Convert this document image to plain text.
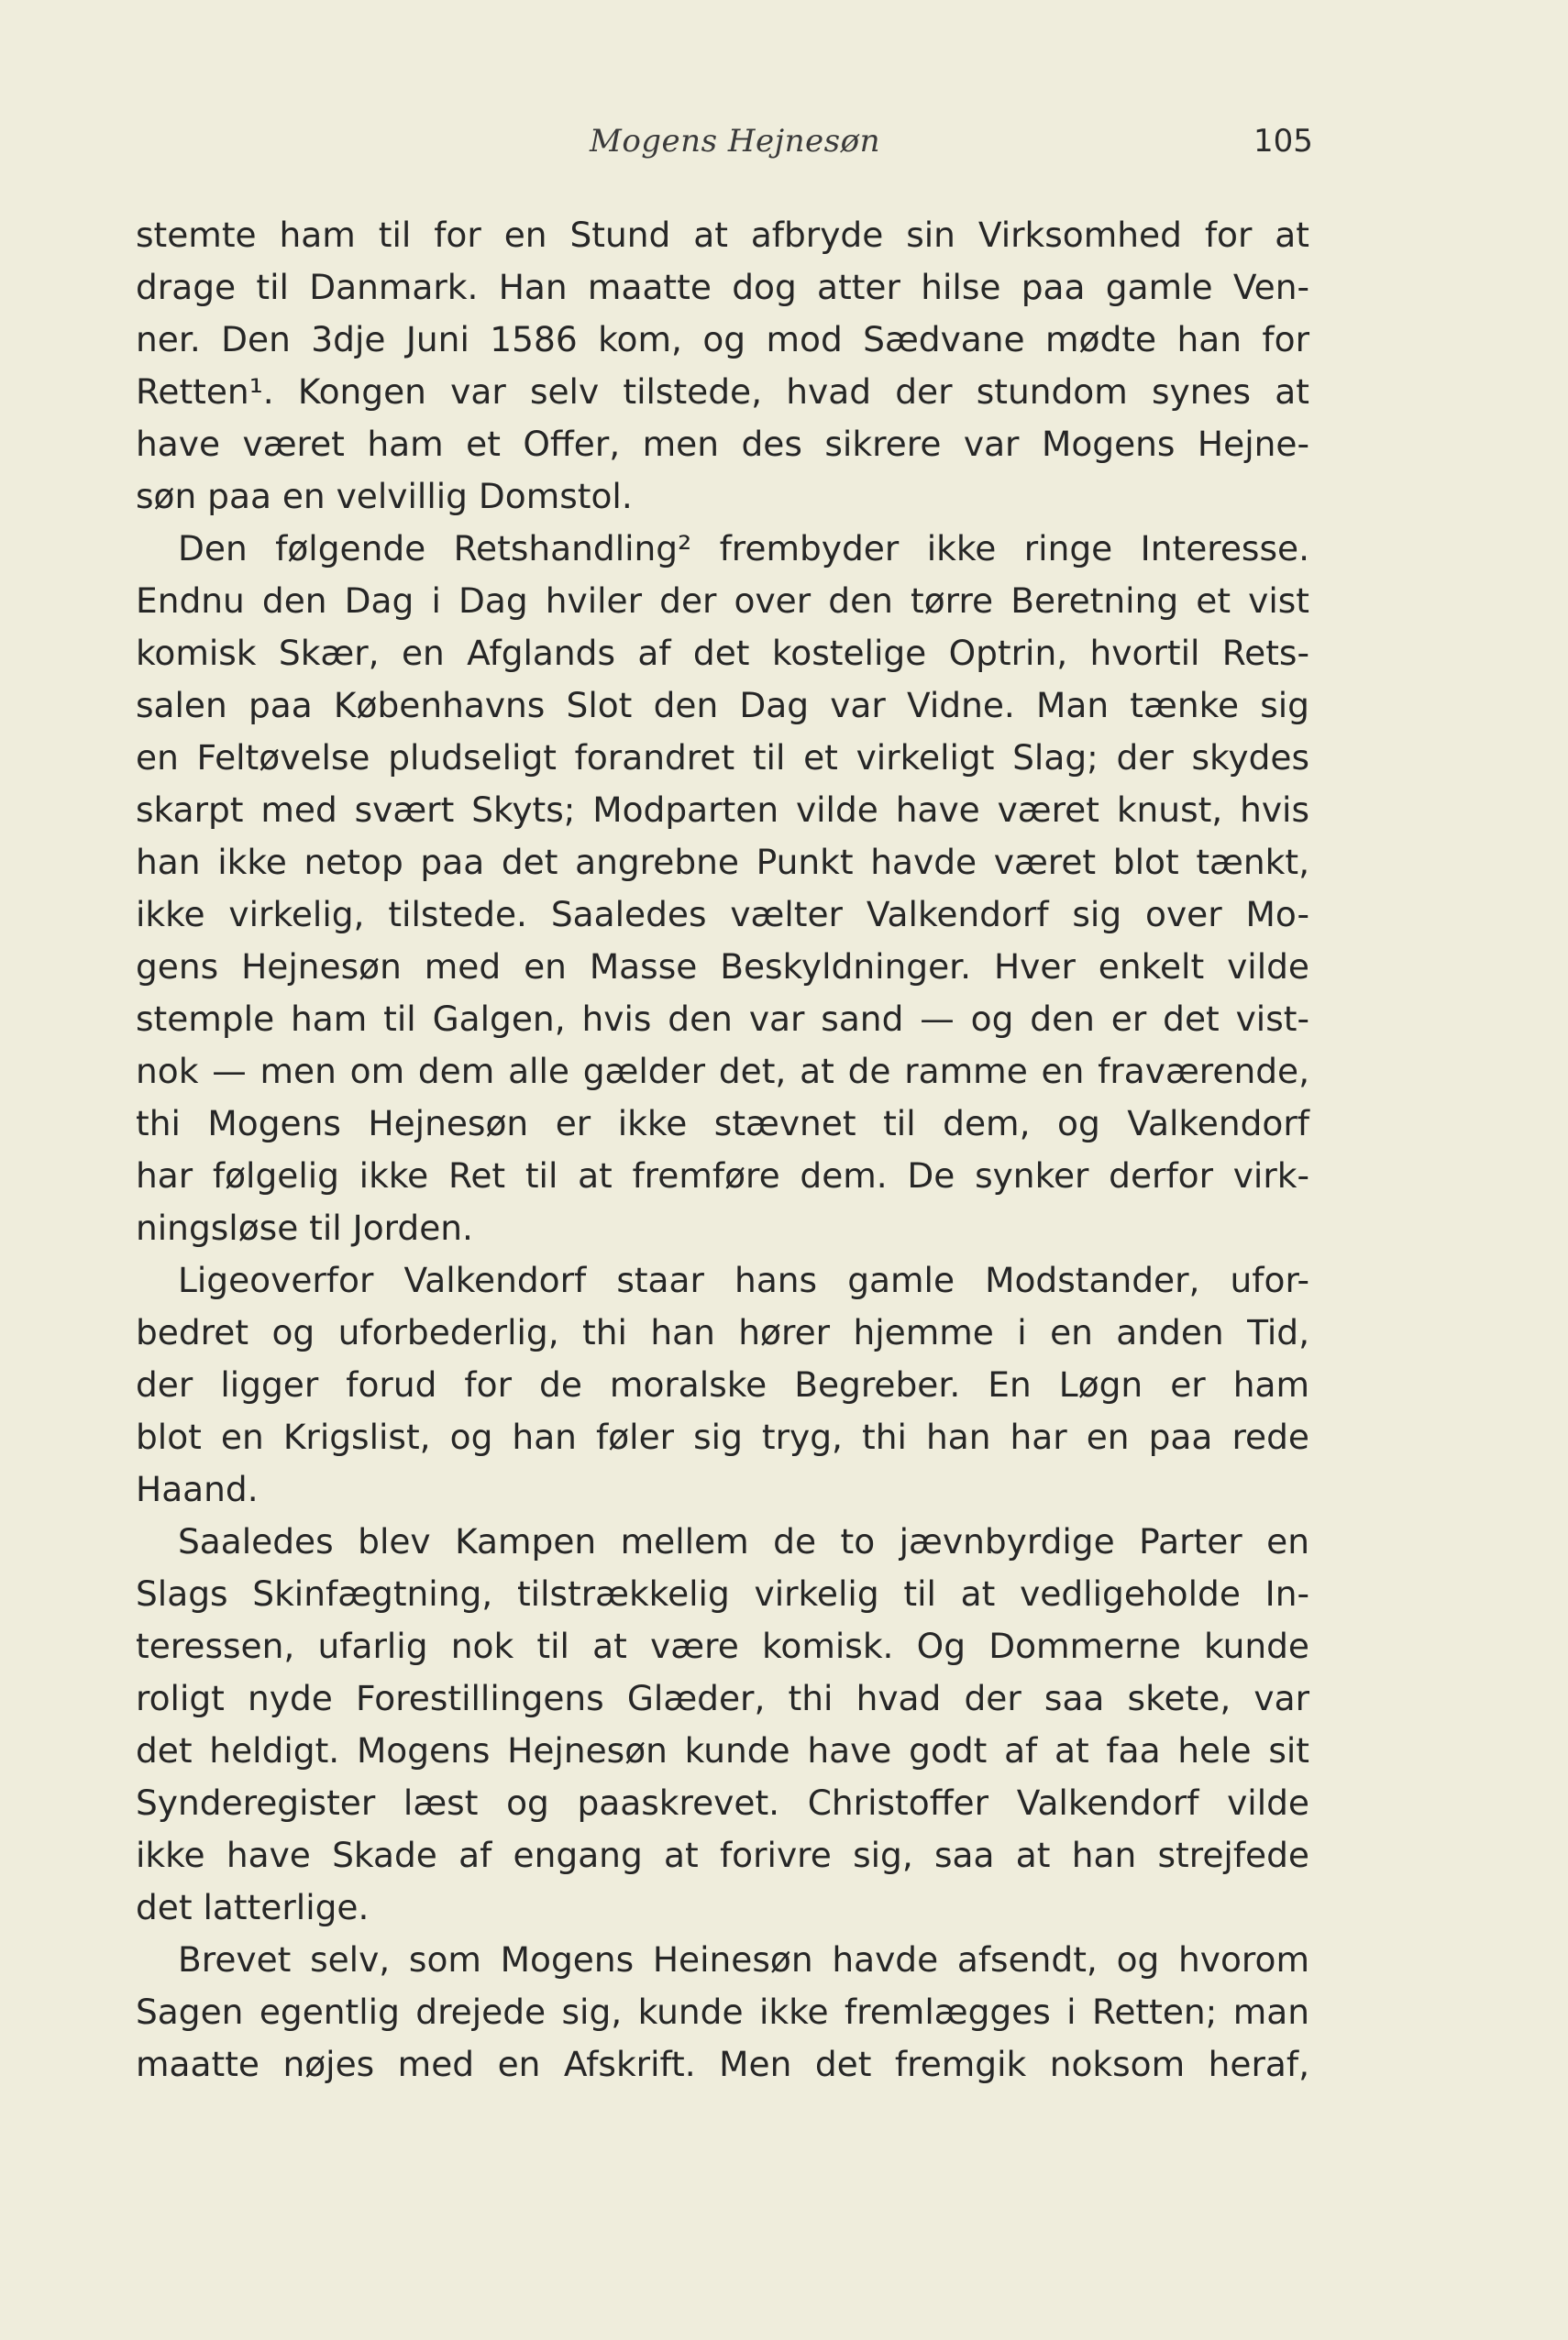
Mogens Hejnesøn	105
stemte ham til for en Stund at afbryde sin Virksomhed for at
drage til Danmark. Han maatte dog atter hilse paa gamle Ven-
ner. Den 3dje Juni 1586 kom, og mod Sædvane mødte han for
Retten¹. Kongen var selv tilstede, hvad der stundom synes at
have været ham et Offer, men des sikrere var Mogens Hejne-
søn paa en velvillig Domstol.
Den følgende Retshandling² frembyder ikke ringe Interesse.
Endnu den Dag i Dag hviler der over den tørre Beretning et vist
komisk Skær, en Afglands af det kostelige Optrin, hvortil Rets-
salen paa Københavns Slot den Dag var Vidne. Man tænke sig
en Feltøvelse pludseligt forandret til et virkeligt Slag; der skydes
skarpt med svært Skyts; Modparten vilde have været knust, hvis
han ikke netop paa det angrebne Punkt havde været blot tænkt,
ikke virkelig, tilstede. Saaledes vælter Valkendorf sig over Mo-
gens Hejnesøn med en Masse Beskyldninger. Hver enkelt vilde
stemple ham til Galgen, hvis den var sand — og den er det vist-
nok — men om dem alle gælder det, at de ramme en fraværende,
thi Mogens Hejnesøn er ikke stævnet til dem, og Valkendorf
har følgelig ikke Ret til at fremføre dem. De synker derfor virk-
ningsløse til Jorden.
Ligeoverfor Valkendorf staar hans gamle Modstander, ufor-
bedret og uforbederlig, thi han hører hjemme i en anden Tid,
der ligger forud for de moralske Begreber. En Løgn er ham
blot en Krigslist, og han føler sig tryg, thi han har en paa rede
Haand.
Saaledes blev Kampen mellem de to jævnbyrdige Parter en
Slags Skinfægtning, tilstrækkelig virkelig til at vedligeholde In-
teressen, ufarlig nok til at være komisk. Og Dommerne kunde
roligt nyde Forestillingens Glæder, thi hvad der saa skete, var
det heldigt. Mogens Hejnesøn kunde have godt af at faa hele sit
Synderegister læst og paaskrevet. Christoffer Valkendorf vilde
ikke have Skade af engang at forivre sig, saa at han strejfede
det latterlige.
Brevet selv, som Mogens Heinesøn havde afsendt, og hvorom
Sagen egentlig drejede sig, kunde ikke fremlægges i Retten; man
maatte nøjes med en Afskrift. Men det fremgik noksom heraf,
